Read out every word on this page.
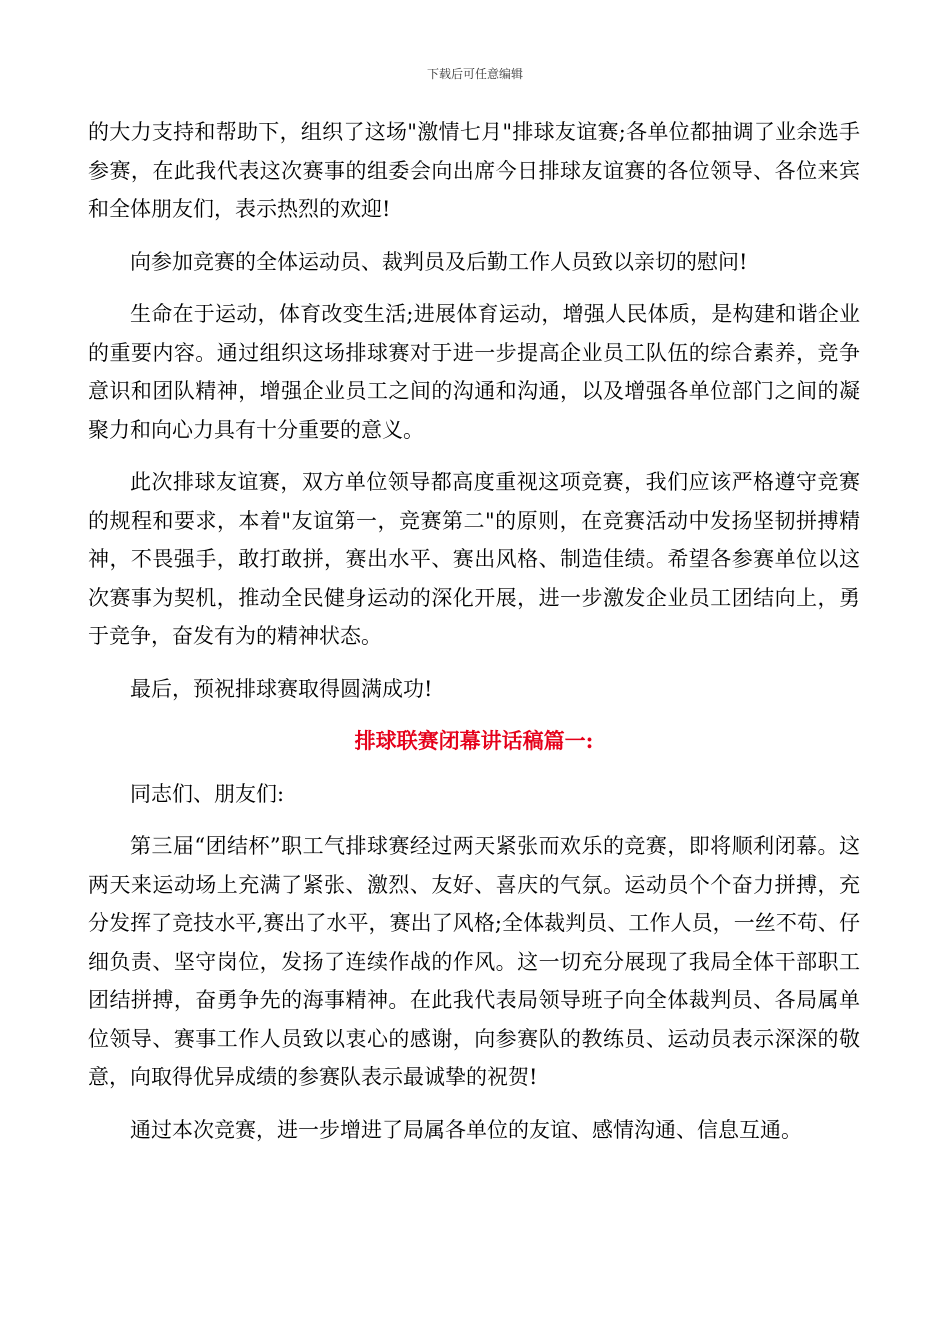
下载后可任意编辑

的大力支持和帮助下，组织了这场"激情七月"排球友谊赛;各单位都抽调了业余选手参赛，在此我代表这次赛事的组委会向出席今日排球友谊赛的各位领导、各位来宾和全体朋友们，表示热烈的欢迎!

向参加竞赛的全体运动员、裁判员及后勤工作人员致以亲切的慰问!

生命在于运动，体育改变生活;进展体育运动，增强人民体质，是构建和谐企业的重要内容。通过组织这场排球赛对于进一步提高企业员工队伍的综合素养，竞争意识和团队精神，增强企业员工之间的沟通和沟通，以及增强各单位部门之间的凝聚力和向心力具有十分重要的意义。

此次排球友谊赛，双方单位领导都高度重视这项竞赛，我们应该严格遵守竞赛的规程和要求，本着"友谊第一，竞赛第二"的原则，在竞赛活动中发扬坚韧拼搏精神，不畏强手，敢打敢拼，赛出水平、赛出风格、制造佳绩。希望各参赛单位以这次赛事为契机，推动全民健身运动的深化开展，进一步激发企业员工团结向上，勇于竞争，奋发有为的精神状态。

最后，预祝排球赛取得圆满成功!

排球联赛闭幕讲话稿篇一:

同志们、朋友们:

第三届“团结杯”职工气排球赛经过两天紧张而欢乐的竞赛，即将顺利闭幕。这两天来运动场上充满了紧张、激烈、友好、喜庆的气氛。运动员个个奋力拼搏，充分发挥了竞技水平,赛出了水平，赛出了风格;全体裁判员、工作人员，一丝不苟、仔细负责、坚守岗位，发扬了连续作战的作风。这一切充分展现了我局全体干部职工团结拼搏，奋勇争先的海事精神。在此我代表局领导班子向全体裁判员、各局属单位领导、赛事工作人员致以衷心的感谢，向参赛队的教练员、运动员表示深深的敬意，向取得优异成绩的参赛队表示最诚挚的祝贺!

通过本次竞赛，进一步增进了局属各单位的友谊、感情沟通、信息互通。
